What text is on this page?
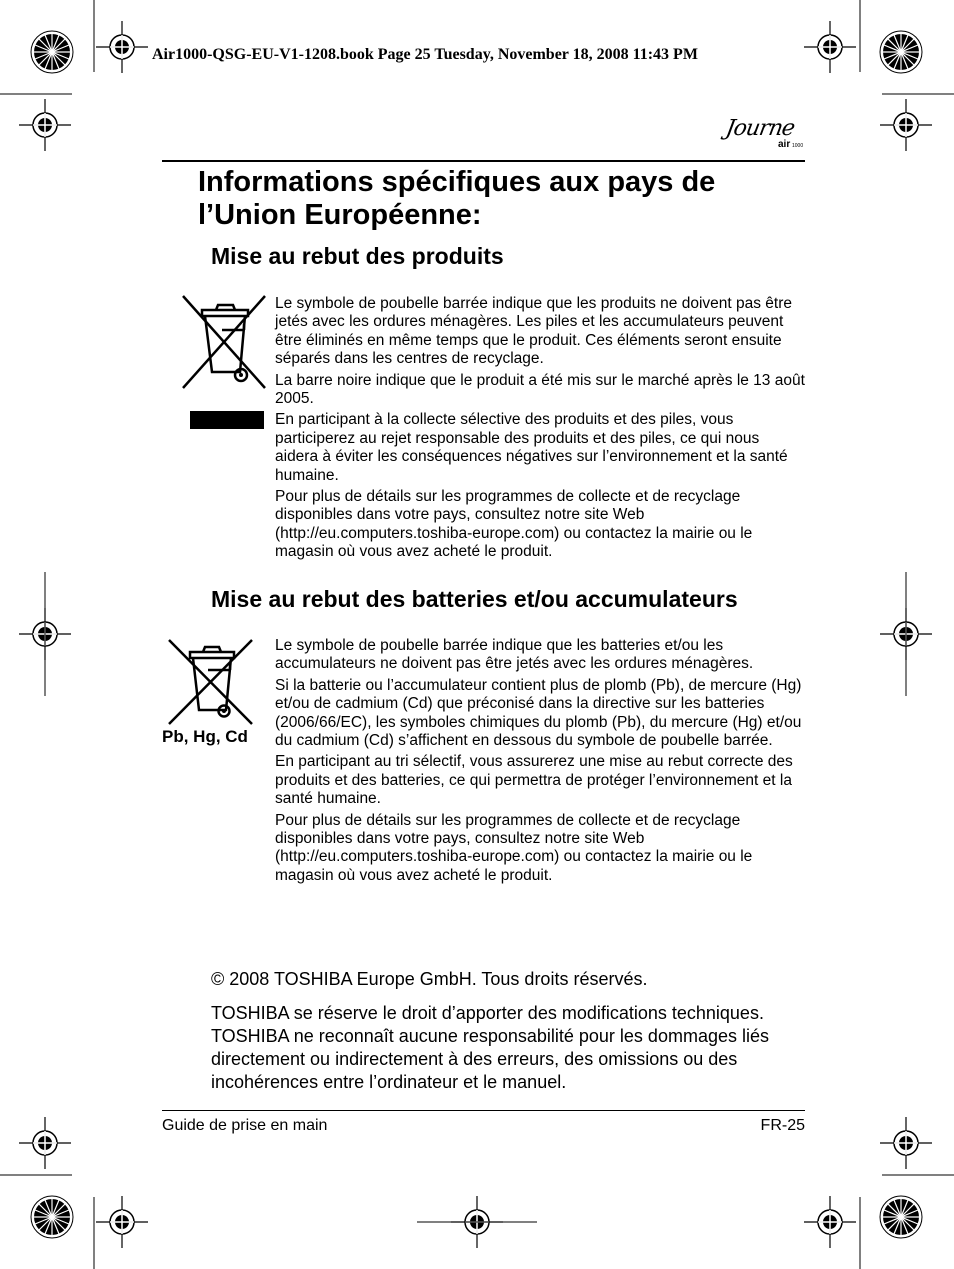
Air1000-QSG-EU-V1-1208.book Page 25 Tuesday, November 18, 2008 11:43 PM
Journe
air 1000
Informations spécifiques aux pays de l’Union Européenne:
Mise au rebut des produits

Le symbole de poubelle barrée indique que les produits ne doivent pas être jetés avec les ordures ménagères. Les piles et les accumulateurs peuvent être éliminés en même temps que le produit. Ces éléments seront ensuite séparés dans les centres de recyclage.

La barre noire indique que le produit a été mis sur le marché après le 13 août 2005.

En participant à la collecte sélective des produits et des piles, vous participerez au rejet responsable des produits et des piles, ce qui nous aidera à éviter les conséquences négatives sur l’environnement et la santé humaine.

Pour plus de détails sur les programmes de collecte et de recyclage disponibles dans votre pays, consultez notre site Web (http://eu.computers.toshiba-europe.com) ou contactez la mairie ou le magasin où vous avez acheté le produit.

Mise au rebut des batteries et/ou accumulateurs
Pb, Hg, Cd

Le symbole de poubelle barrée indique que les batteries et/ou les accumulateurs ne doivent pas être jetés avec les ordures ménagères.

Si la batterie ou l’accumulateur contient plus de plomb (Pb), de mercure (Hg) et/ou de cadmium (Cd) que préconisé dans la directive sur les batteries (2006/66/EC), les symboles chimiques du plomb (Pb), du mercure (Hg) et/ou du cadmium (Cd) s’affichent en dessous du symbole de poubelle barrée.

En participant au tri sélectif, vous assurerez une mise au rebut correcte des produits et des batteries, ce qui permettra de protéger l’environnement et la santé humaine.

Pour plus de détails sur les programmes de collecte et de recyclage disponibles dans votre pays, consultez notre site Web (http://eu.computers.toshiba-europe.com) ou contactez la mairie ou le magasin où vous avez acheté le produit.

© 2008 TOSHIBA Europe GmbH. Tous droits réservés.

TOSHIBA se réserve le droit d’apporter des modifications techniques. TOSHIBA ne reconnaît aucune responsabilité pour les dommages liés directement ou indirectement à des erreurs, des omissions ou des incohérences entre l’ordinateur et le manuel.

Guide de prise en main	FR-25
